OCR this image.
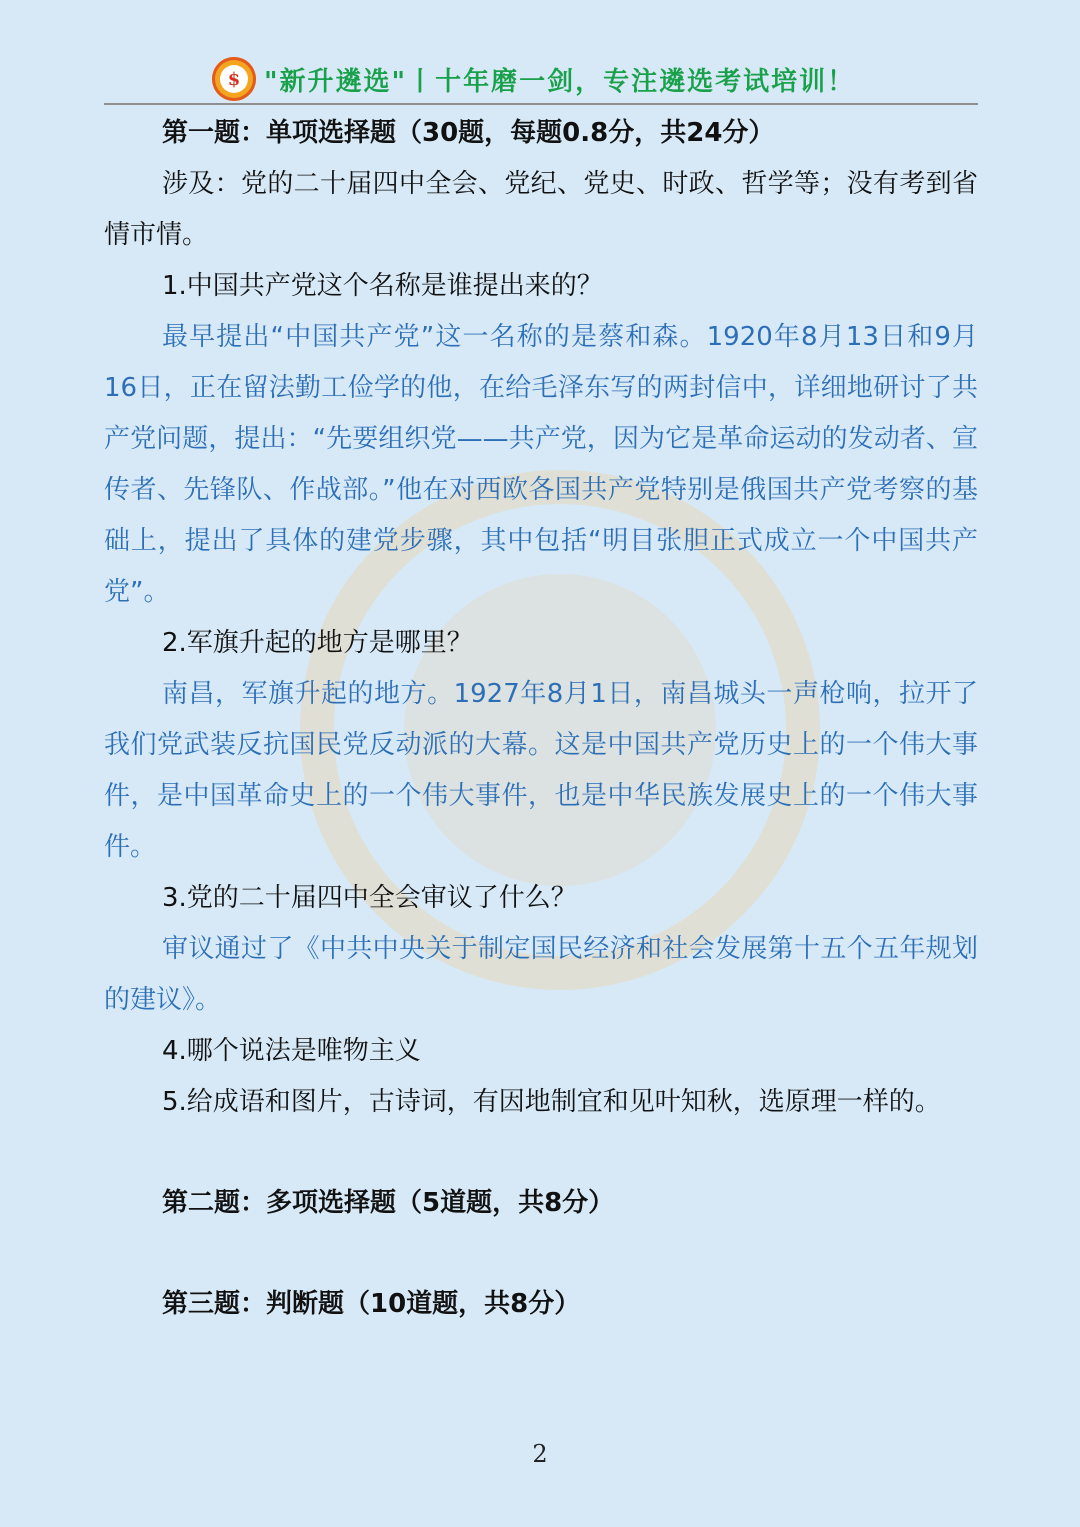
$ "新升遴选"丨十年磨一剑，专注遴选考试培训！

第一题：单项选择题（30题，每题0.8分，共24分）

涉及：党的二十届四中全会、党纪、党史、时政、哲学等；没有考到省情市情。

1.中国共产党这个名称是谁提出来的？

最早提出“中国共产党”这一名称的是蔡和森。1920年8月13日和9月16日，正在留法勤工俭学的他，在给毛泽东写的两封信中，详细地研讨了共产党问题，提出：“先要组织党——共产党，因为它是革命运动的发动者、宣传者、先锋队、作战部。”他在对西欧各国共产党特别是俄国共产党考察的基础上，提出了具体的建党步骤，其中包括“明目张胆正式成立一个中国共产党”。

2.军旗升起的地方是哪里？

南昌，军旗升起的地方。1927年8月1日，南昌城头一声枪响，拉开了我们党武装反抗国民党反动派的大幕。这是中国共产党历史上的一个伟大事件，是中国革命史上的一个伟大事件，也是中华民族发展史上的一个伟大事件。

3.党的二十届四中全会审议了什么？

审议通过了《中共中央关于制定国民经济和社会发展第十五个五年规划的建议》。

4.哪个说法是唯物主义

5.给成语和图片，古诗词，有因地制宜和见叶知秋，选原理一样的。

第二题：多项选择题（5道题，共8分）

第三题：判断题（10道题，共8分）

2
